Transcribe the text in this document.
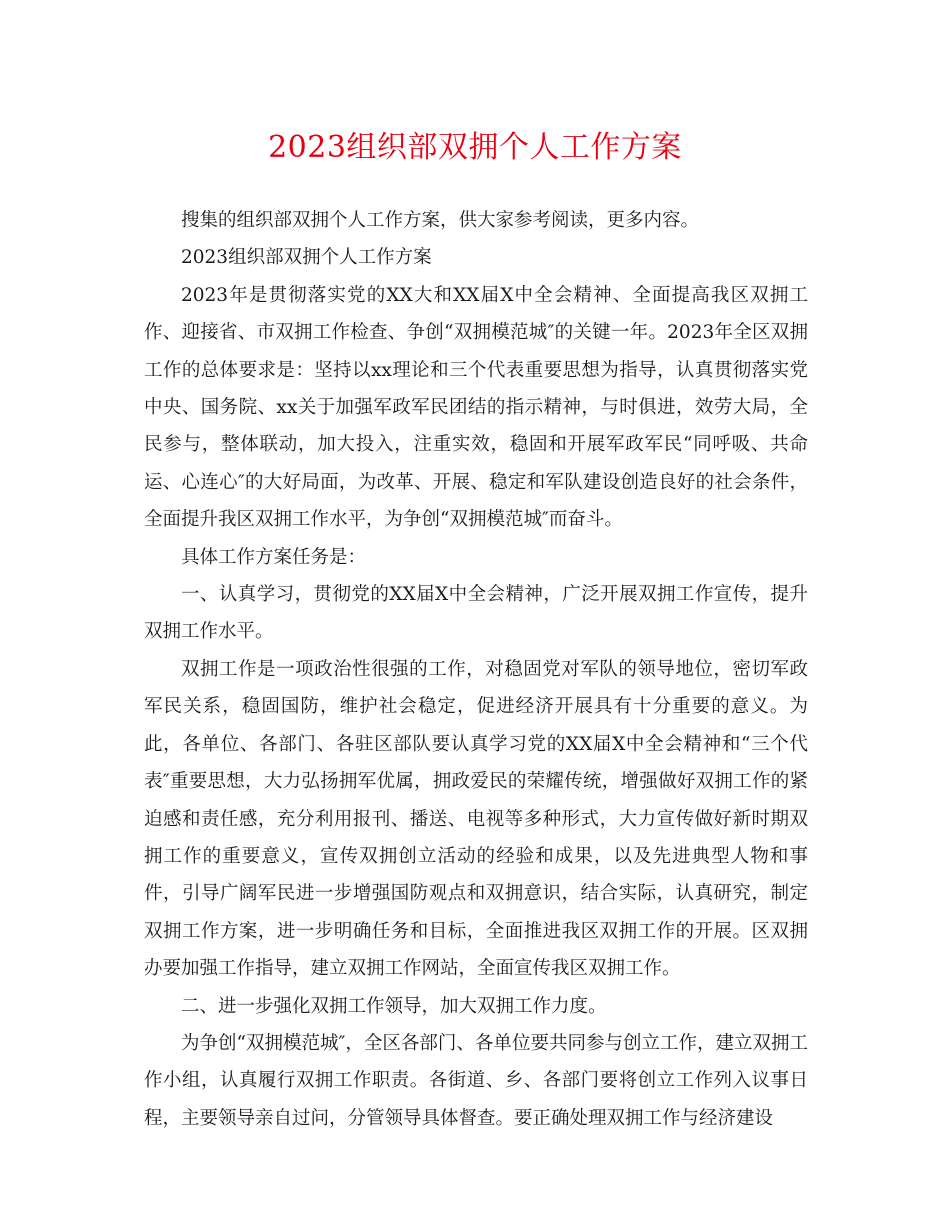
2023组织部双拥个人工作方案

搜集的组织部双拥个人工作方案，供大家参考阅读，更多内容。

2023组织部双拥个人工作方案

2023年是贯彻落实党的XX大和XX届X中全会精神、全面提高我区双拥工作、迎接省、市双拥工作检查、争创“双拥模范城″的关键一年。2023年全区双拥工作的总体要求是：坚持以xx理论和三个代表重要思想为指导，认真贯彻落实党中央、国务院、xx关于加强军政军民团结的指示精神，与时俱进，效劳大局，全民参与，整体联动，加大投入，注重实效，稳固和开展军政军民“同呼吸、共命运、心连心″的大好局面，为改革、开展、稳定和军队建设创造良好的社会条件，全面提升我区双拥工作水平，为争创“双拥模范城″而奋斗。

具体工作方案任务是：

一、认真学习，贯彻党的XX届X中全会精神，广泛开展双拥工作宣传，提升双拥工作水平。

双拥工作是一项政治性很强的工作，对稳固党对军队的领导地位，密切军政军民关系，稳固国防，维护社会稳定，促进经济开展具有十分重要的意义。为此，各单位、各部门、各驻区部队要认真学习党的XX届X中全会精神和“三个代表″重要思想，大力弘扬拥军优属，拥政爱民的荣耀传统，增强做好双拥工作的紧迫感和责任感，充分利用报刊、播送、电视等多种形式，大力宣传做好新时期双拥工作的重要意义，宣传双拥创立活动的经验和成果，以及先进典型人物和事件，引导广阔军民进一步增强国防观点和双拥意识，结合实际，认真研究，制定双拥工作方案，进一步明确任务和目标，全面推进我区双拥工作的开展。区双拥办要加强工作指导，建立双拥工作网站，全面宣传我区双拥工作。

二、进一步强化双拥工作领导，加大双拥工作力度。

为争创“双拥模范城″，全区各部门、各单位要共同参与创立工作，建立双拥工作小组，认真履行双拥工作职责。各街道、乡、各部门要将创立工作列入议事日程，主要领导亲自过问，分管领导具体督查。要正确处理双拥工作与经济建设
